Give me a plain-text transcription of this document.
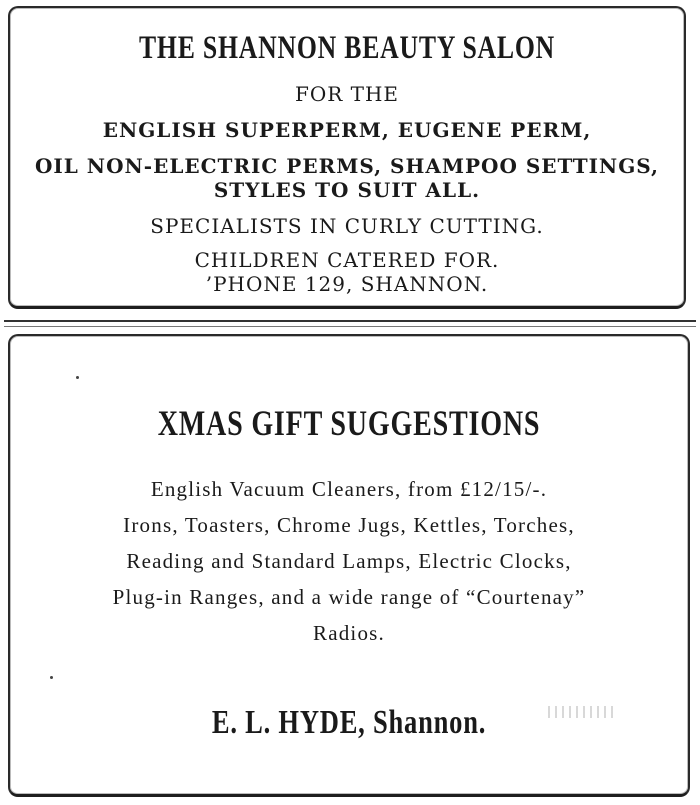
THE SHANNON BEAUTY SALON
FOR THE
ENGLISH SUPERPERM, EUGENE PERM,
OIL NON-ELECTRIC PERMS, SHAMPOO SETTINGS,
STYLES TO SUIT ALL.
SPECIALISTS IN CURLY CUTTING.
CHILDREN CATERED FOR.
’PHONE 129, SHANNON.
XMAS GIFT SUGGESTIONS
English Vacuum Cleaners, from £12/15/-.
Irons, Toasters, Chrome Jugs, Kettles, Torches,
Reading and Standard Lamps, Electric Clocks,
Plug-in Ranges, and a wide range of “Courtenay”
Radios.
E. L. HYDE, Shannon.
